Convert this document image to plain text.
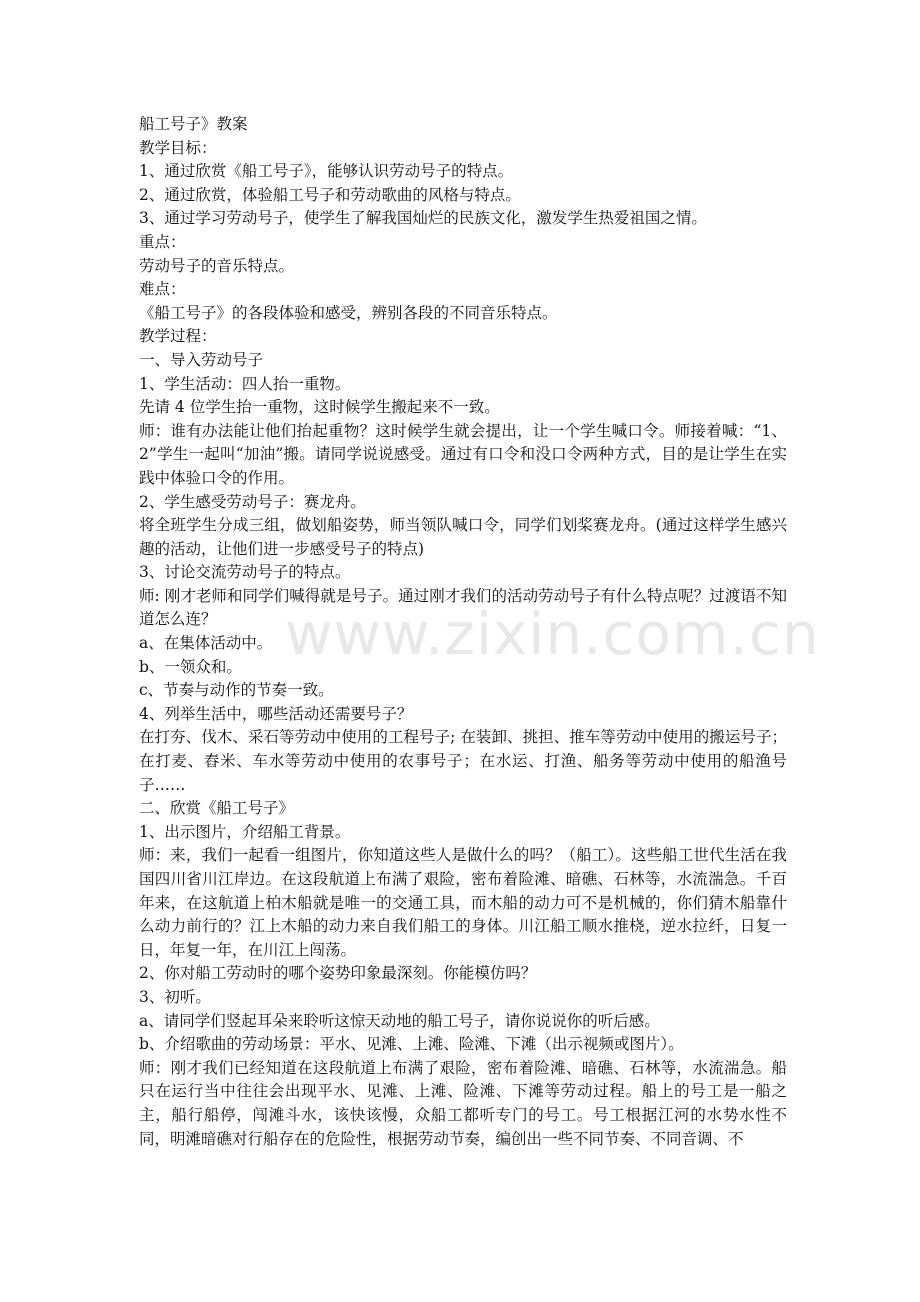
www.zixin.com.cn
船工号子》教案
教学目标：
1、通过欣赏《船工号子》，能够认识劳动号子的特点。
2、通过欣赏，体验船工号子和劳动歌曲的风格与特点。
3、通过学习劳动号子，使学生了解我国灿烂的民族文化，激发学生热爱祖国之情。
重点：
劳动号子的音乐特点。
难点：
《船工号子》的各段体验和感受，辨别各段的不同音乐特点。
教学过程：
一、导入劳动号子
1、学生活动：四人抬一重物。
先请 4 位学生抬一重物，这时候学生搬起来不一致。
师：谁有办法能让他们抬起重物？这时候学生就会提出，让一个学生喊口令。师接着喊：“1、2”学生一起叫“加油”搬。请同学说说感受。通过有口令和没口令两种方式，目的是让学生在实践中体验口令的作用。
2、学生感受劳动号子：赛龙舟。
将全班学生分成三组，做划船姿势，师当领队喊口令，同学们划桨赛龙舟。(通过这样学生感兴趣的活动，让他们进一步感受号子的特点)
3、讨论交流劳动号子的特点。
师: 刚才老师和同学们喊得就是号子。通过刚才我们的活动劳动号子有什么特点呢？过渡语不知道怎么连？
a、在集体活动中。
b、一领众和。
c、节奏与动作的节奏一致。
4、列举生活中，哪些活动还需要号子？
在打夯、伐木、采石等劳动中使用的工程号子; 在装卸、挑担、推车等劳动中使用的搬运号子；在打麦、舂米、车水等劳动中使用的农事号子；在水运、打渔、船务等劳动中使用的船渔号子……
二、欣赏《船工号子》
1、出示图片，介绍船工背景。
师：来，我们一起看一组图片，你知道这些人是做什么的吗？（船工）。这些船工世代生活在我国四川省川江岸边。在这段航道上布满了艰险，密布着险滩、暗礁、石林等，水流湍急。千百年来，在这航道上柏木船就是唯一的交通工具，而木船的动力可不是机械的，你们猜木船靠什么动力前行的？江上木船的动力来自我们船工的身体。川江船工顺水推桡，逆水拉纤，日复一日，年复一年，在川江上闯荡。
2、你对船工劳动时的哪个姿势印象最深刻。你能模仿吗？
3、初听。
a、请同学们竖起耳朵来聆听这惊天动地的船工号子，请你说说你的听后感。
b、介绍歌曲的劳动场景：平水、见滩、上滩、险滩、下滩（出示视频或图片）。
师：刚才我们已经知道在这段航道上布满了艰险，密布着险滩、暗礁、石林等，水流湍急。船只在运行当中往往会出现平水、见滩、上滩、险滩、下滩等劳动过程。船上的号工是一船之主，船行船停，闯滩斗水，该快该慢，众船工都听专门的号工。号工根据江河的水势水性不同，明滩暗礁对行船存在的危险性，根据劳动节奏，编创出一些不同节奏、不同音调、不
